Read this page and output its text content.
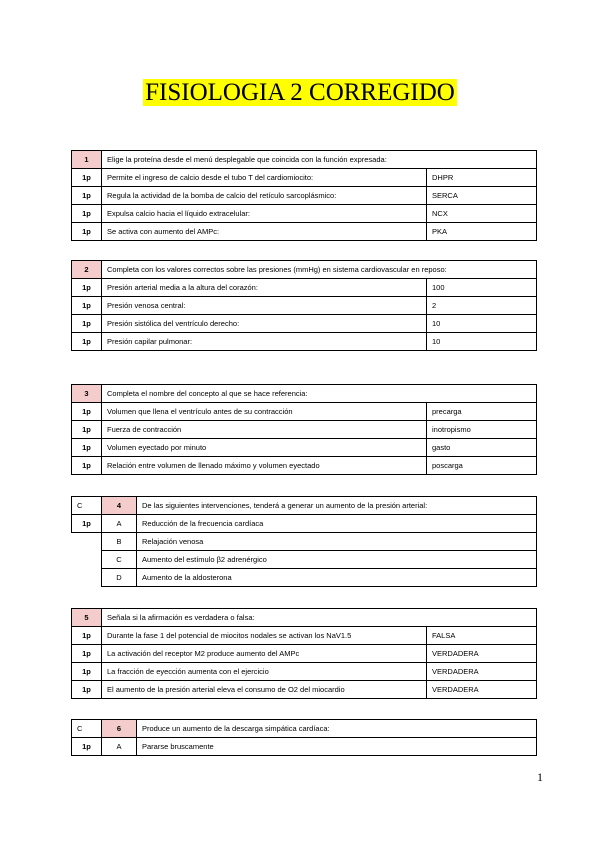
FISIOLOGIA 2 CORREGIDO
1	Elige la proteína desde el menú desplegable que coincida con la función expresada:	
1p	Permite el ingreso de calcio desde el tubo T del cardiomiocito:	DHPR
1p	Regula la actividad de la bomba de calcio del retículo sarcoplásmico:	SERCA
1p	Expulsa calcio hacia el líquido extracelular:	NCX
1p	Se activa con aumento del AMPc:	PKA
2	Completa con los valores correctos sobre las presiones (mmHg) en sistema cardiovascular en reposo:	
1p	Presión arterial media a la altura del corazón:	100
1p	Presión venosa central:	2
1p	Presión sistólica del ventrículo derecho:	10
1p	Presión capilar pulmonar:	10
3	Completa el nombre del concepto al que se hace referencia:	
1p	Volumen que llena el ventrículo antes de su contracción	precarga
1p	Fuerza de contracción	inotropismo
1p	Volumen eyectado por minuto	gasto
1p	Relación entre volumen de llenado máximo y volumen eyectado	poscarga
C	4	De las siguientes intervenciones, tenderá a generar un aumento de la presión arterial:
1p	A	Reducción de la frecuencia cardíaca
	B	Relajación venosa
	C	Aumento del estímulo β2 adrenérgico
	D	Aumento de la aldosterona
5	Señala si la afirmación es verdadera o falsa:	
1p	Durante la fase 1 del potencial de miocitos nodales se activan los NaV1.5	FALSA
1p	La activación del receptor M2 produce aumento del AMPc	VERDADERA
1p	La fracción de eyección aumenta con el ejercicio	VERDADERA
1p	El aumento de la presión arterial eleva el consumo de O2 del miocardio	VERDADERA
C	6	Produce un aumento de la descarga simpática cardíaca:
1p	A	Pararse bruscamente
1
